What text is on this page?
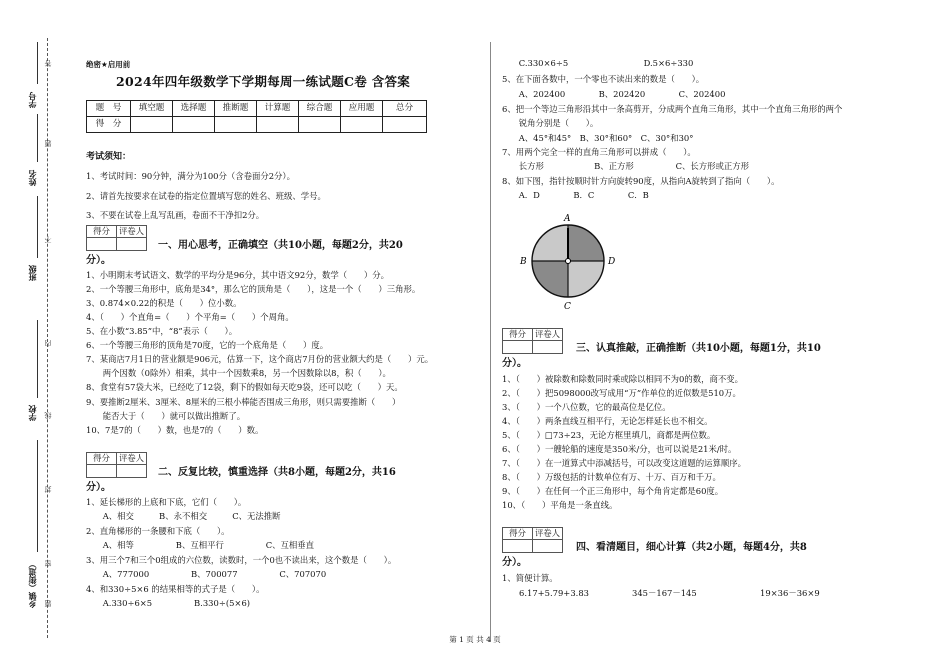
学号
姓名
班级
学校
乡镇（街道）
答
题
不
内
线
封
密
题
绝密★启用前
2024年四年级数学下学期每周一练试题C卷 含答案
题　号	填空题	选择题	推断题	计算题	综合题	应用题	总分
得　分							
考试须知：
1、考试时间：90分钟，满分为100分（含卷面分2分）。
2、请首先按要求在试卷的指定位置填写您的姓名、班级、学号。
3、不要在试卷上乱写乱画，卷面不干净扣2分。
得分	评卷人

一、用心思考，正确填空（共10小题，每题2分，共20
分）。
1、小明期末考试语文、数学的平均分是96分，其中语文92分，数学（　　）分。
2、一个等腰三角形中，底角是34°，那么它的顶角是（　　），这是一个（　　）三角形。
3、0.874×0.22的积是（　　）位小数。
4、（　　）个直角=（　　）个平角=（　　）个周角。
5、在小数“3.85”中，“8”表示（　　）。
6、一个等腰三角形的顶角是70度，它的一个底角是（　　）度。
7、某商店7月1日的营业额是906元，估算一下，这个商店7月份的营业额大约是（　　）元。
　　两个因数（0除外）相乘，其中一个因数乘8，另一个因数除以8，积（　　）。
8、食堂有57袋大米，已经吃了12袋，剩下的假如每天吃9袋，还可以吃（　　）天。
9、要推断2厘米、3厘米、8厘米的三根小棒能否围成三角形，则只需要推断（　　）
　　能否大于（　　）就可以做出推断了。
10、7是7的（　　）数，也是7的（　　）数。
得分	评卷人

二、反复比较，慎重选择（共8小题，每题2分，共16
分）。
1、延长梯形的上底和下底，它们（　　）。
　　A、相交　　　B、永不相交　　　C、无法推断
2、直角梯形的一条腰和下底（　　）。
　　A、相等　　　　　B、互相平行　　　　　C、互相垂直
3、用三个7和三个0组成的六位数，读数时，一个0也不读出来，这个数是（　　）。
　　A、777000　　　　　B、700077　　　　　C、707070
4、和330÷5×6 的结果相等的式子是（　　）。
　　A.330÷6×5　　　　　B.330÷(5×6)
　　C.330×6÷5　　　　　　　　　D.5×6÷330
5、在下面各数中，一个零也不读出来的数是（　　）。
　　A、202400　　　　B、202420　　　　C、202400
6、把一个等边三角形沿其中一条高剪开，分成两个直角三角形，其中一个直角三角形的两个
　　锐角分别是（　　）。
　　A、45°和45°　B、30°和60°　C、30°和30°
7、用两个完全一样的直角三角形可以拼成（　　）。
　　长方形　　　　　　B、正方形　　　　　C、长方形或正方形
8、如下图，指针按顺时针方向旋转90度，从指向A旋转到了指向（　　）。
　　A．D　　　　B．C　　　　C．B
A
C
B	D
得分	评卷人

三、认真推敲，正确推断（共10小题，每题1分，共10
分）。
1、（　　）被除数和除数同时乘或除以相同不为0的数，商不变。
2、（　　）把5098000改写成用“万”作单位的近似数是510万。
3、（　　）一个八位数，它的最高位是亿位。
4、（　　）两条直线互相平行，无论怎样延长也不相交。
5、（　　）□73÷23，无论方框里填几，商都是两位数。
6、（　　）一艘轮船的速度是350米/分，也可以说是21米/时。
7、（　　）在一道算式中添减括号，可以改变这道题的运算顺序。
8、（　　）万级包括的计数单位有万、十万、百万和千万。
9、（　　）在任何一个正三角形中，每个角肯定都是60度。
10、（　　）平角是一条直线。
得分	评卷人

四、看清题目，细心计算（共2小题，每题4分，共8
分）。
1、简便计算。
6.17+5.79+3.83	345－167－145	19×36－36×9
第 1 页 共 4 页
